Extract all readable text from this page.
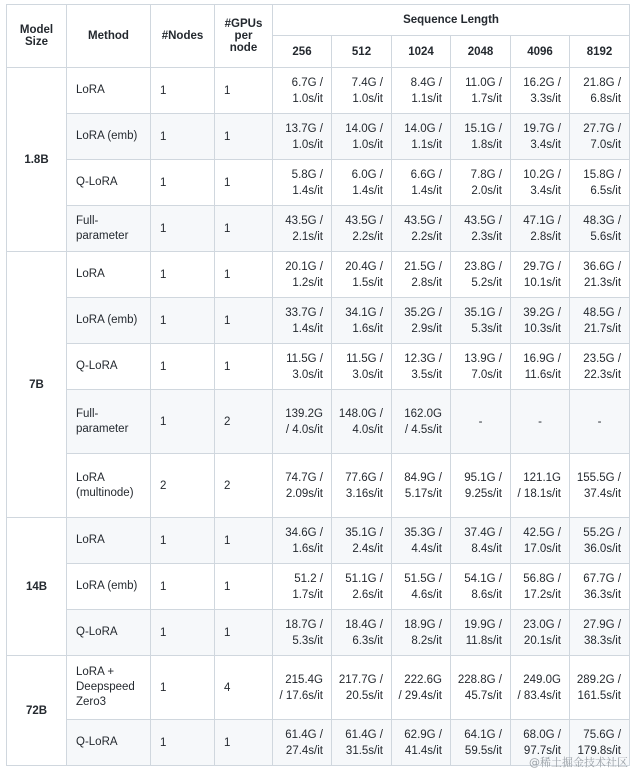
Model Size	Method	#Nodes	#GPUs per node	Sequence Length					
				256	512	1024	2048	4096	8192
1.8B	LoRA	1	1	6.7G / 1.0s/it	7.4G / 1.0s/it	8.4G / 1.1s/it	11.0G / 1.7s/it	16.2G / 3.3s/it	21.8G / 6.8s/it
	LoRA (emb)	1	1	13.7G / 1.0s/it	14.0G / 1.0s/it	14.0G / 1.1s/it	15.1G / 1.8s/it	19.7G / 3.4s/it	27.7G / 7.0s/it
	Q-LoRA	1	1	5.8G / 1.4s/it	6.0G / 1.4s/it	6.6G / 1.4s/it	7.8G / 2.0s/it	10.2G / 3.4s/it	15.8G / 6.5s/it
	Full-parameter	1	1	43.5G / 2.1s/it	43.5G / 2.2s/it	43.5G / 2.2s/it	43.5G / 2.3s/it	47.1G / 2.8s/it	48.3G / 5.6s/it
7B	LoRA	1	1	20.1G / 1.2s/it	20.4G / 1.5s/it	21.5G / 2.8s/it	23.8G / 5.2s/it	29.7G / 10.1s/it	36.6G / 21.3s/it
	LoRA (emb)	1	1	33.7G / 1.4s/it	34.1G / 1.6s/it	35.2G / 2.9s/it	35.1G / 5.3s/it	39.2G / 10.3s/it	48.5G / 21.7s/it
	Q-LoRA	1	1	11.5G / 3.0s/it	11.5G / 3.0s/it	12.3G / 3.5s/it	13.9G / 7.0s/it	16.9G / 11.6s/it	23.5G / 22.3s/it
	Full-parameter	1	2	139.2G / 4.0s/it	148.0G / 4.0s/it	162.0G / 4.5s/it	-	-	-
	LoRA (multinode)	2	2	74.7G / 2.09s/it	77.6G / 3.16s/it	84.9G / 5.17s/it	95.1G / 9.25s/it	121.1G / 18.1s/it	155.5G / 37.4s/it
14B	LoRA	1	1	34.6G / 1.6s/it	35.1G / 2.4s/it	35.3G / 4.4s/it	37.4G / 8.4s/it	42.5G / 17.0s/it	55.2G / 36.0s/it
	LoRA (emb)	1	1	51.2 / 1.7s/it	51.1G / 2.6s/it	51.5G / 4.6s/it	54.1G / 8.6s/it	56.8G / 17.2s/it	67.7G / 36.3s/it
	Q-LoRA	1	1	18.7G / 5.3s/it	18.4G / 6.3s/it	18.9G / 8.2s/it	19.9G / 11.8s/it	23.0G / 20.1s/it	27.9G / 38.3s/it
72B	LoRA + Deepspeed Zero3	1	4	215.4G / 17.6s/it	217.7G / 20.5s/it	222.6G / 29.4s/it	228.8G / 45.7s/it	249.0G / 83.4s/it	289.2G / 161.5s/it
	Q-LoRA	1	1	61.4G / 27.4s/it	61.4G / 31.5s/it	62.9G / 41.4s/it	64.1G / 59.5s/it	68.0G / 97.7s/it	75.6G / 179.8s/it
@稀土掘金技术社区
